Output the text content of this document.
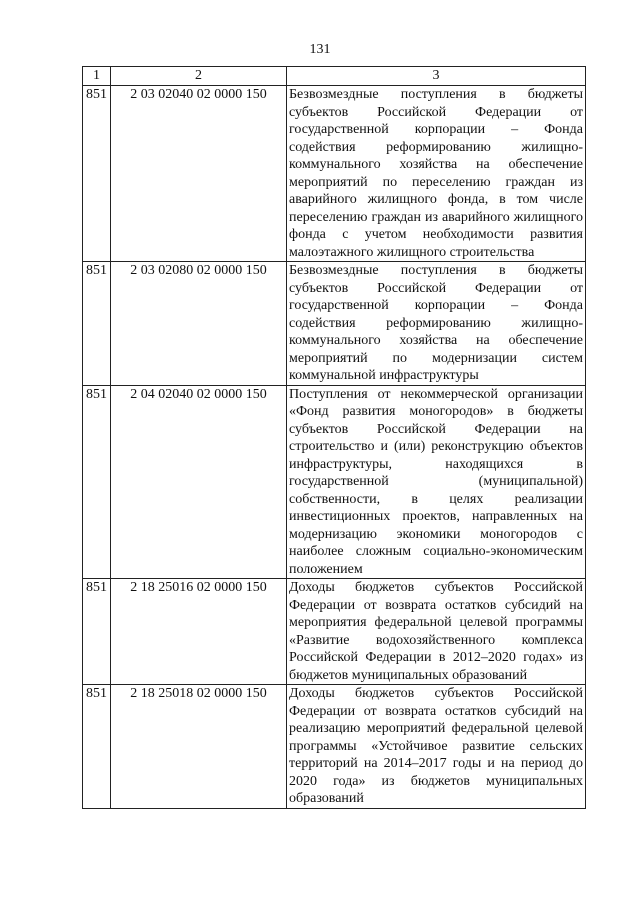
131
1	2	3
851	2 03 02040 02 0000 150	Безвозмездные поступления в бюджеты субъектов Российской Федерации от государственной корпорации – Фонда содействия реформированию жилищно-коммунального хозяйства на обеспечение мероприятий по переселению граждан из аварийного жилищного фонда, в том числе переселению граждан из аварийного жилищного фонда с учетом необходимости развития малоэтажного жилищного строительства
851	2 03 02080 02 0000 150	Безвозмездные поступления в бюджеты субъектов Российской Федерации от государственной корпорации – Фонда содействия реформированию жилищно-коммунального хозяйства на обеспечение мероприятий по модернизации систем коммунальной инфраструктуры
851	2 04 02040 02 0000 150	Поступления от некоммерческой организации «Фонд развития моногородов» в бюджеты субъектов Российской Федерации на строительство и (или) реконструкцию объектов инфраструктуры, находящихся в государственной (муниципальной) собственности, в целях реализации инвестиционных проектов, направленных на модернизацию экономики моногородов с наиболее сложным социально-экономическим положением
851	2 18 25016 02 0000 150	Доходы бюджетов субъектов Российской Федерации от возврата остатков субсидий на мероприятия федеральной целевой программы «Развитие водохозяйственного комплекса Российской Федерации в 2012–2020 годах» из бюджетов муниципальных образований
851	2 18 25018 02 0000 150	Доходы бюджетов субъектов Российской Федерации от возврата остатков субсидий на реализацию мероприятий федеральной целевой программы «Устойчивое развитие сельских территорий на 2014–2017 годы и на период до 2020 года» из бюджетов муниципальных образований
